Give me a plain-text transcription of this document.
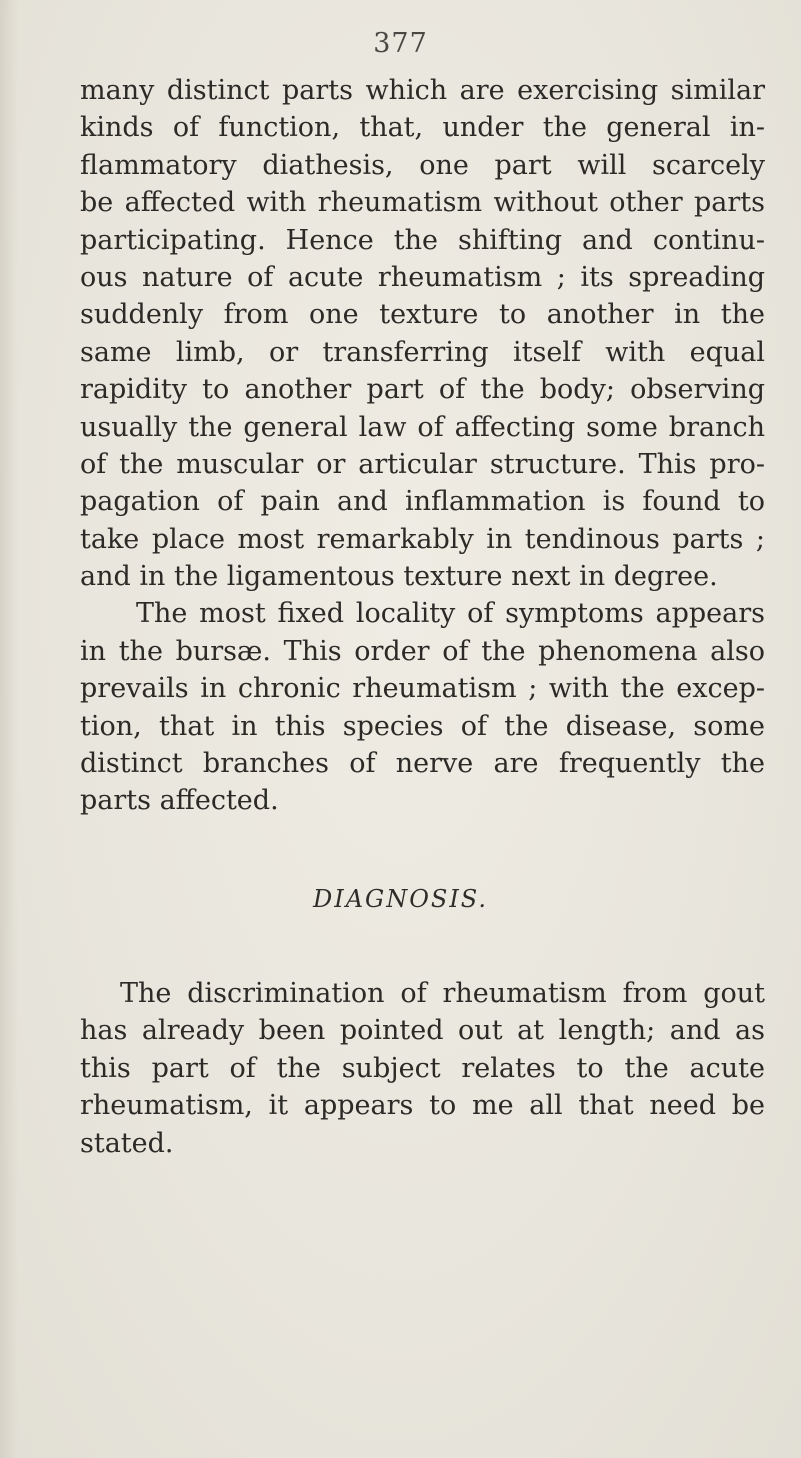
377
many distinct parts which are exercising similar
kinds of function, that, under the general in-
flammatory diathesis, one part will scarcely
be affected with rheumatism without other parts
participating. Hence the shifting and continu-
ous nature of acute rheumatism ; its spreading
suddenly from one texture to another in the
same limb, or transferring itself with equal
rapidity to another part of the body; observing
usually the general law of affecting some branch
of the muscular or articular structure. This pro-
pagation of pain and inflammation is found to
take place most remarkably in tendinous parts ;
and in the ligamentous texture next in degree.
The most fixed locality of symptoms appears
in the bursæ. This order of the phenomena also
prevails in chronic rheumatism ; with the excep-
tion, that in this species of the disease, some
distinct branches of nerve are frequently the
parts affected.
DIAGNOSIS.
The discrimination of rheumatism from gout
has already been pointed out at length; and as
this part of the subject relates to the acute
rheumatism, it appears to me all that need be
stated.
